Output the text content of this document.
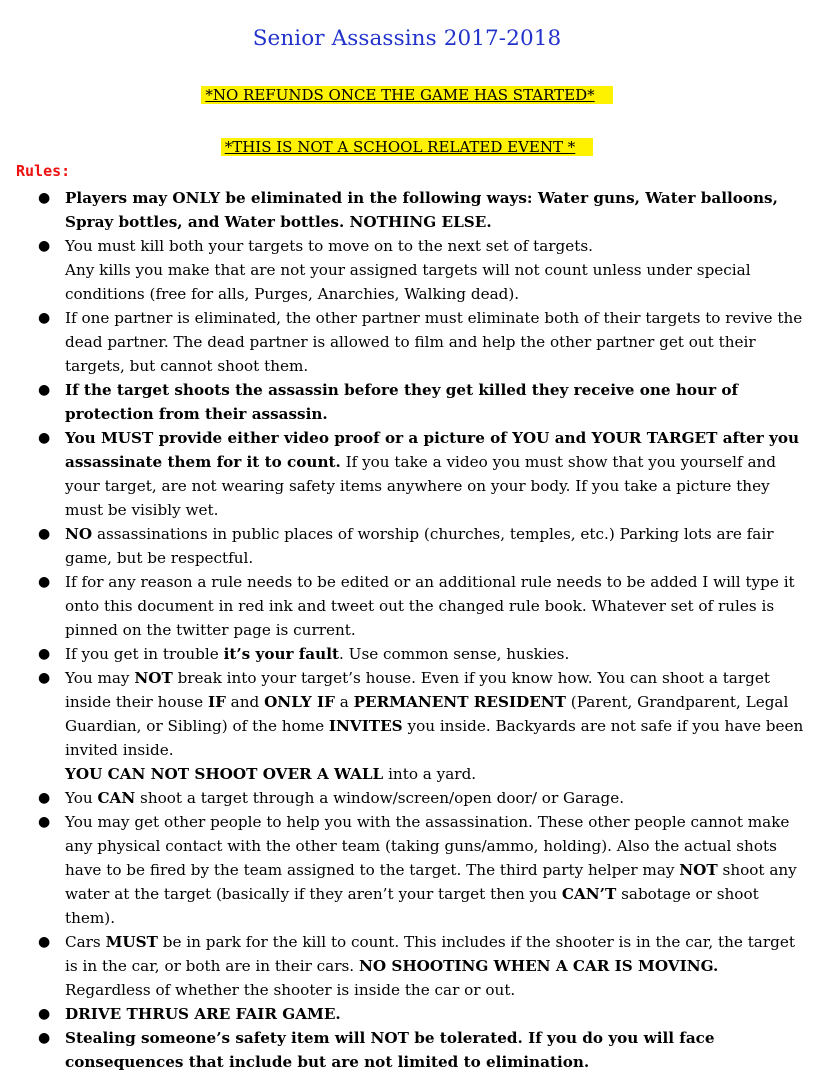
Senior Assassins 2017-2018
*NO REFUNDS ONCE THE GAME HAS STARTED*
*THIS IS NOT A SCHOOL RELATED EVENT *
Rules:
● Players may ONLY be eliminated in the following ways: Water guns, Water balloons, Spray bottles, and Water bottles. NOTHING ELSE.
● You must kill both your targets to move on to the next set of targets.
Any kills you make that are not your assigned targets will not count unless under special conditions (free for alls, Purges, Anarchies, Walking dead).
● If one partner is eliminated, the other partner must eliminate both of their targets to revive the dead partner. The dead partner is allowed to film and help the other partner get out their targets, but cannot shoot them.
● If the target shoots the assassin before they get killed they receive one hour of protection from their assassin.
● You MUST provide either video proof or a picture of YOU and YOUR TARGET after you assassinate them for it to count. If you take a video you must show that you yourself and your target, are not wearing safety items anywhere on your body. If you take a picture they must be visibly wet.
● NO assassinations in public places of worship (churches, temples, etc.) Parking lots are fair game, but be respectful.
● If for any reason a rule needs to be edited or an additional rule needs to be added I will type it onto this document in red ink and tweet out the changed rule book. Whatever set of rules is pinned on the twitter page is current.
● If you get in trouble it’s your fault. Use common sense, huskies.
● You may NOT break into your target’s house. Even if you know how. You can shoot a target inside their house IF and ONLY IF a PERMANENT RESIDENT (Parent, Grandparent, Legal Guardian, or Sibling) of the home INVITES you inside. Backyards are not safe if you have been invited inside.
YOU CAN NOT SHOOT OVER A WALL into a yard.
● You CAN shoot a target through a window/screen/open door/ or Garage.
● You may get other people to help you with the assassination. These other people cannot make any physical contact with the other team (taking guns/ammo, holding). Also the actual shots have to be fired by the team assigned to the target. The third party helper may NOT shoot any water at the target (basically if they aren’t your target then you CAN’T sabotage or shoot them).
● Cars MUST be in park for the kill to count. This includes if the shooter is in the car, the target is in the car, or both are in their cars. NO SHOOTING WHEN A CAR IS MOVING. Regardless of whether the shooter is inside the car or out.
● DRIVE THRUS ARE FAIR GAME.
● Stealing someone’s safety item will NOT be tolerated. If you do you will face consequences that include but are not limited to elimination.
